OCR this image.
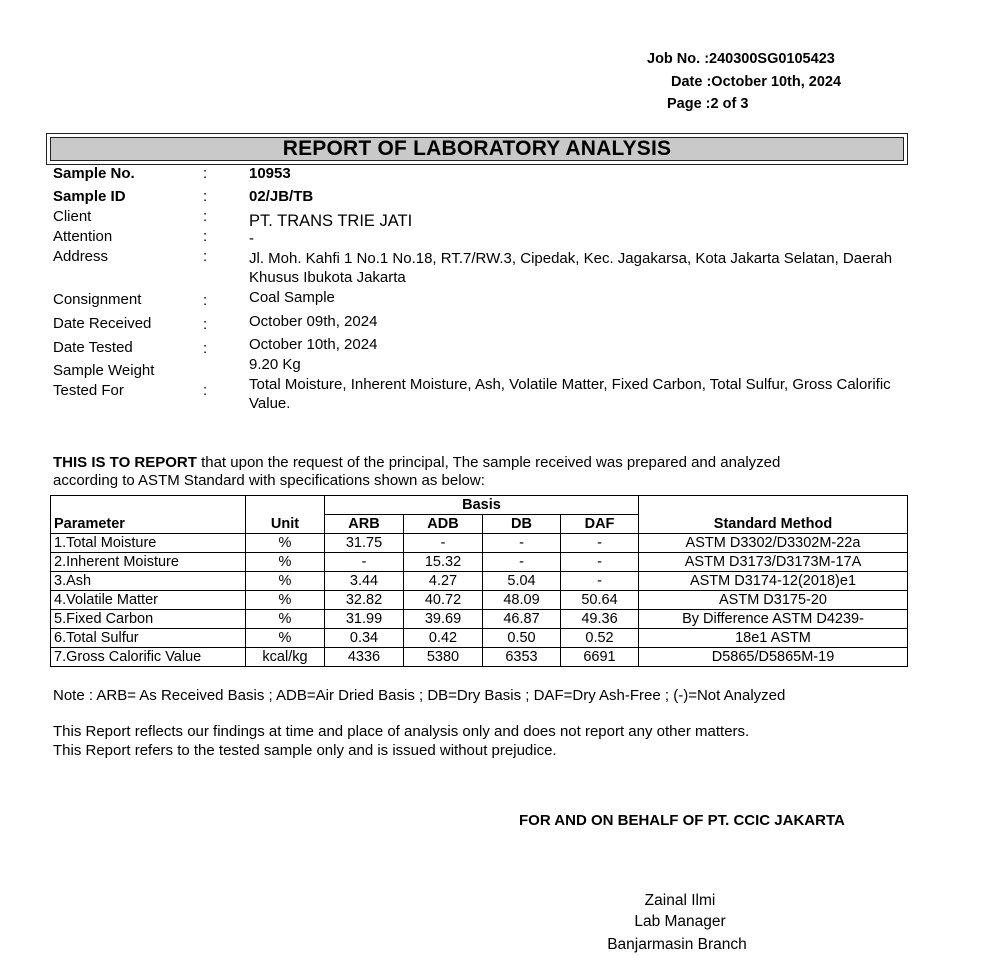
Job No. :240300SG0105423
Date :October 10th, 2024
Page :2 of 3
REPORT OF LABORATORY ANALYSIS
Sample No.	:	10953
Sample ID	:	02/JB/TB
Client	:	PT. TRANS TRIE JATI
Attention	:	-
Address	:	Jl. Moh. Kahfi 1 No.1 No.18, RT.7/RW.3, Cipedak, Kec. Jagakarsa, Kota Jakarta Selatan, Daerah Khusus Ibukota Jakarta
Consignment	:	Coal Sample
Date Received	:	October 09th, 2024
Date Tested	:	October 10th, 2024
Sample Weight	9.20 Kg
Tested For	:	Total Moisture, Inherent Moisture, Ash, Volatile Matter, Fixed Carbon, Total Sulfur, Gross Calorific Value.
THIS IS TO REPORT that upon the request of the principal, The sample received was prepared and analyzed according to ASTM Standard with specifications shown as below:
Parameter	Unit	Basis				Standard Method
		ARB	ADB	DB	DAF	
1.Total Moisture	%	31.75	-	-	-	ASTM D3302/D3302M-22a
2.Inherent Moisture	%	-	15.32	-	-	ASTM D3173/D3173M-17A
3.Ash	%	3.44	4.27	5.04	-	ASTM D3174-12(2018)e1
4.Volatile Matter	%	32.82	40.72	48.09	50.64	ASTM D3175-20
5.Fixed Carbon	%	31.99	39.69	46.87	49.36	By Difference ASTM D4239-
6.Total Sulfur	%	0.34	0.42	0.50	0.52	18e1 ASTM
7.Gross Calorific Value	kcal/kg	4336	5380	6353	6691	D5865/D5865M-19
Note : ARB= As Received Basis ; ADB=Air Dried Basis ; DB=Dry Basis ; DAF=Dry Ash-Free ; (-)=Not Analyzed
This Report reflects our findings at time and place of analysis only and does not report any other matters.
This Report refers to the tested sample only and is issued without prejudice.
FOR AND ON BEHALF OF PT. CCIC JAKARTA
Zainal Ilmi
Lab Manager
Banjarmasin Branch
